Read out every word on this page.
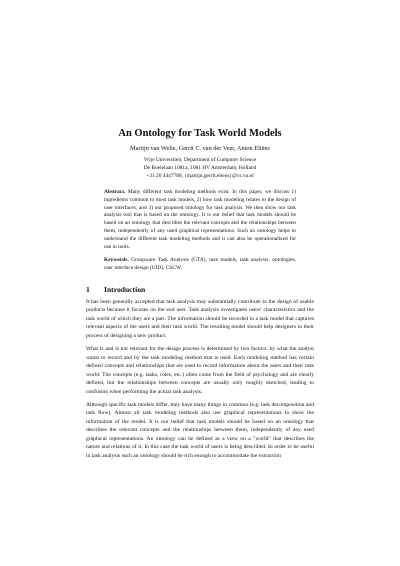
An Ontology for Task World Models

Martijn van Welie, Gerrit C. van der Veer, Anton Eliëns

Vrije Universiteit, Department of Computer Science
De Boelelaan 1081a, 1081 HV Amsterdam, Holland
+31 20 4447788, {martijn,gerrit,eliens}@cs.vu.nl

Abstract. Many different task modeling methods exist. In this paper, we discuss 1) ingredients common to most task models, 2) how task modeling relates to the design of user interfaces, and 3) our proposed ontology for task analysis. We then show our task analysis tool that is based on the ontology. It is our belief that task models should be based on an ontology that describes the relevant concepts and the relationships between them, independently of any used graphical representations. Such an ontology helps to understand the different task modeling methods and it can also be operationalized for use in tools.

Keywords. Groupware Task Analysis (GTA), task models, task analysis, ontologies, user interface design (UID), CSCW.

1 Introduction

It has been generally accepted that task analysis may substantially contribute to the design of usable products because it focuses on the end user. Task analysis investigates users' characteristics and the task world of which they are a part. The information should be recorded in a task model that captures relevant aspects of the users and their task world. The resulting model should help designers in their process of designing a new product.

What is and is not relevant for the design process is determined by two factors: by what the analyst wants to record and by the task modeling method that is used. Each modeling method has certain defined concepts and relationships that are used to record information about the users and their task world. The concepts (e.g. tasks, roles, etc.) often come from the field of psychology and are clearly defined, but the relationships between concepts are usually only roughly sketched, leading to confusion when performing the actual task analysis.

Although specific task models differ, they have many things in common (e.g. task decomposition and task flow). Almost all task modeling methods also use graphical representations to show the information of the model. It is our belief that task models should be based on an ontology that describes the relevant concepts and the relationships between them, independently of any used graphical representations. An ontology can be defined as a view on a "world" that describes the nature and relations of it. In this case the task world of users is being described. In order to be useful in task analysis such an ontology should be rich enough to accommodate the extraction
